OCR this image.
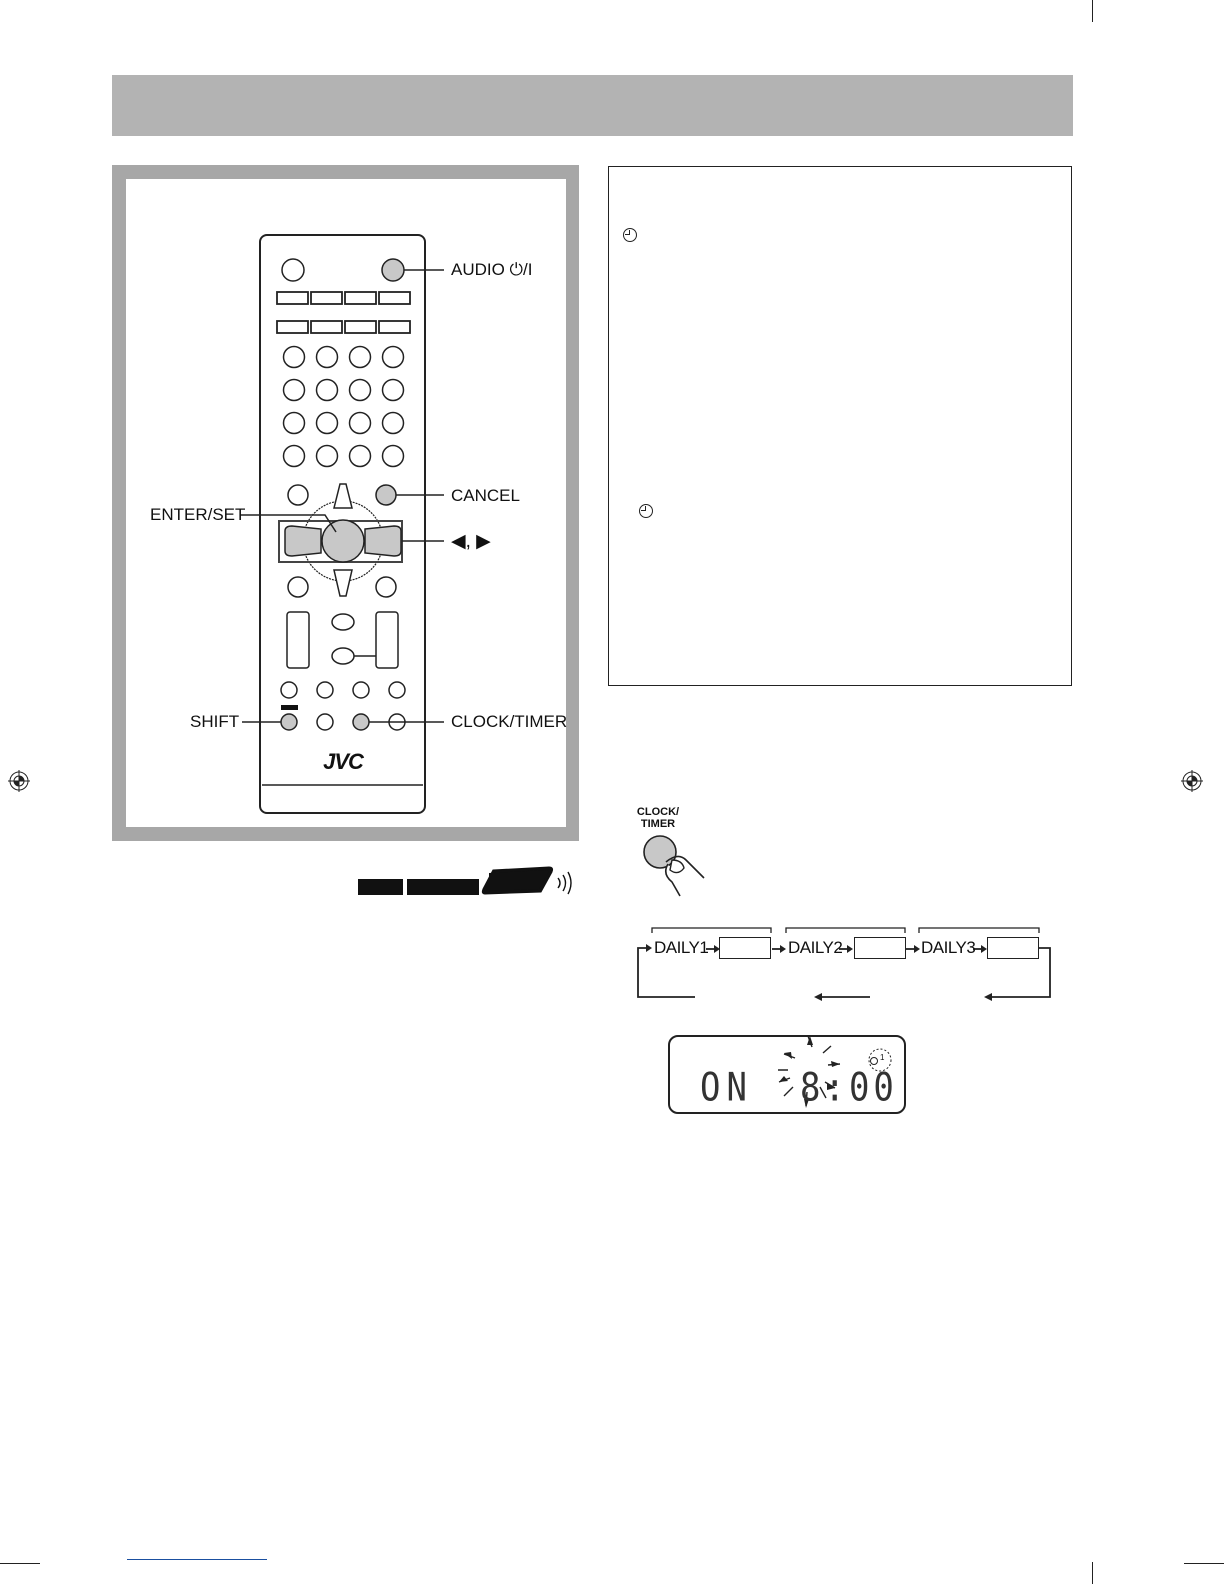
JVC
AUDIO ⏻/I
CANCEL
ENTER/SET
◀, ▶
SHIFT	CLOCK/TIMER
CLOCK/
TIMER
DAILY1	DAILY2	DAILY3
ON 8:00
1
